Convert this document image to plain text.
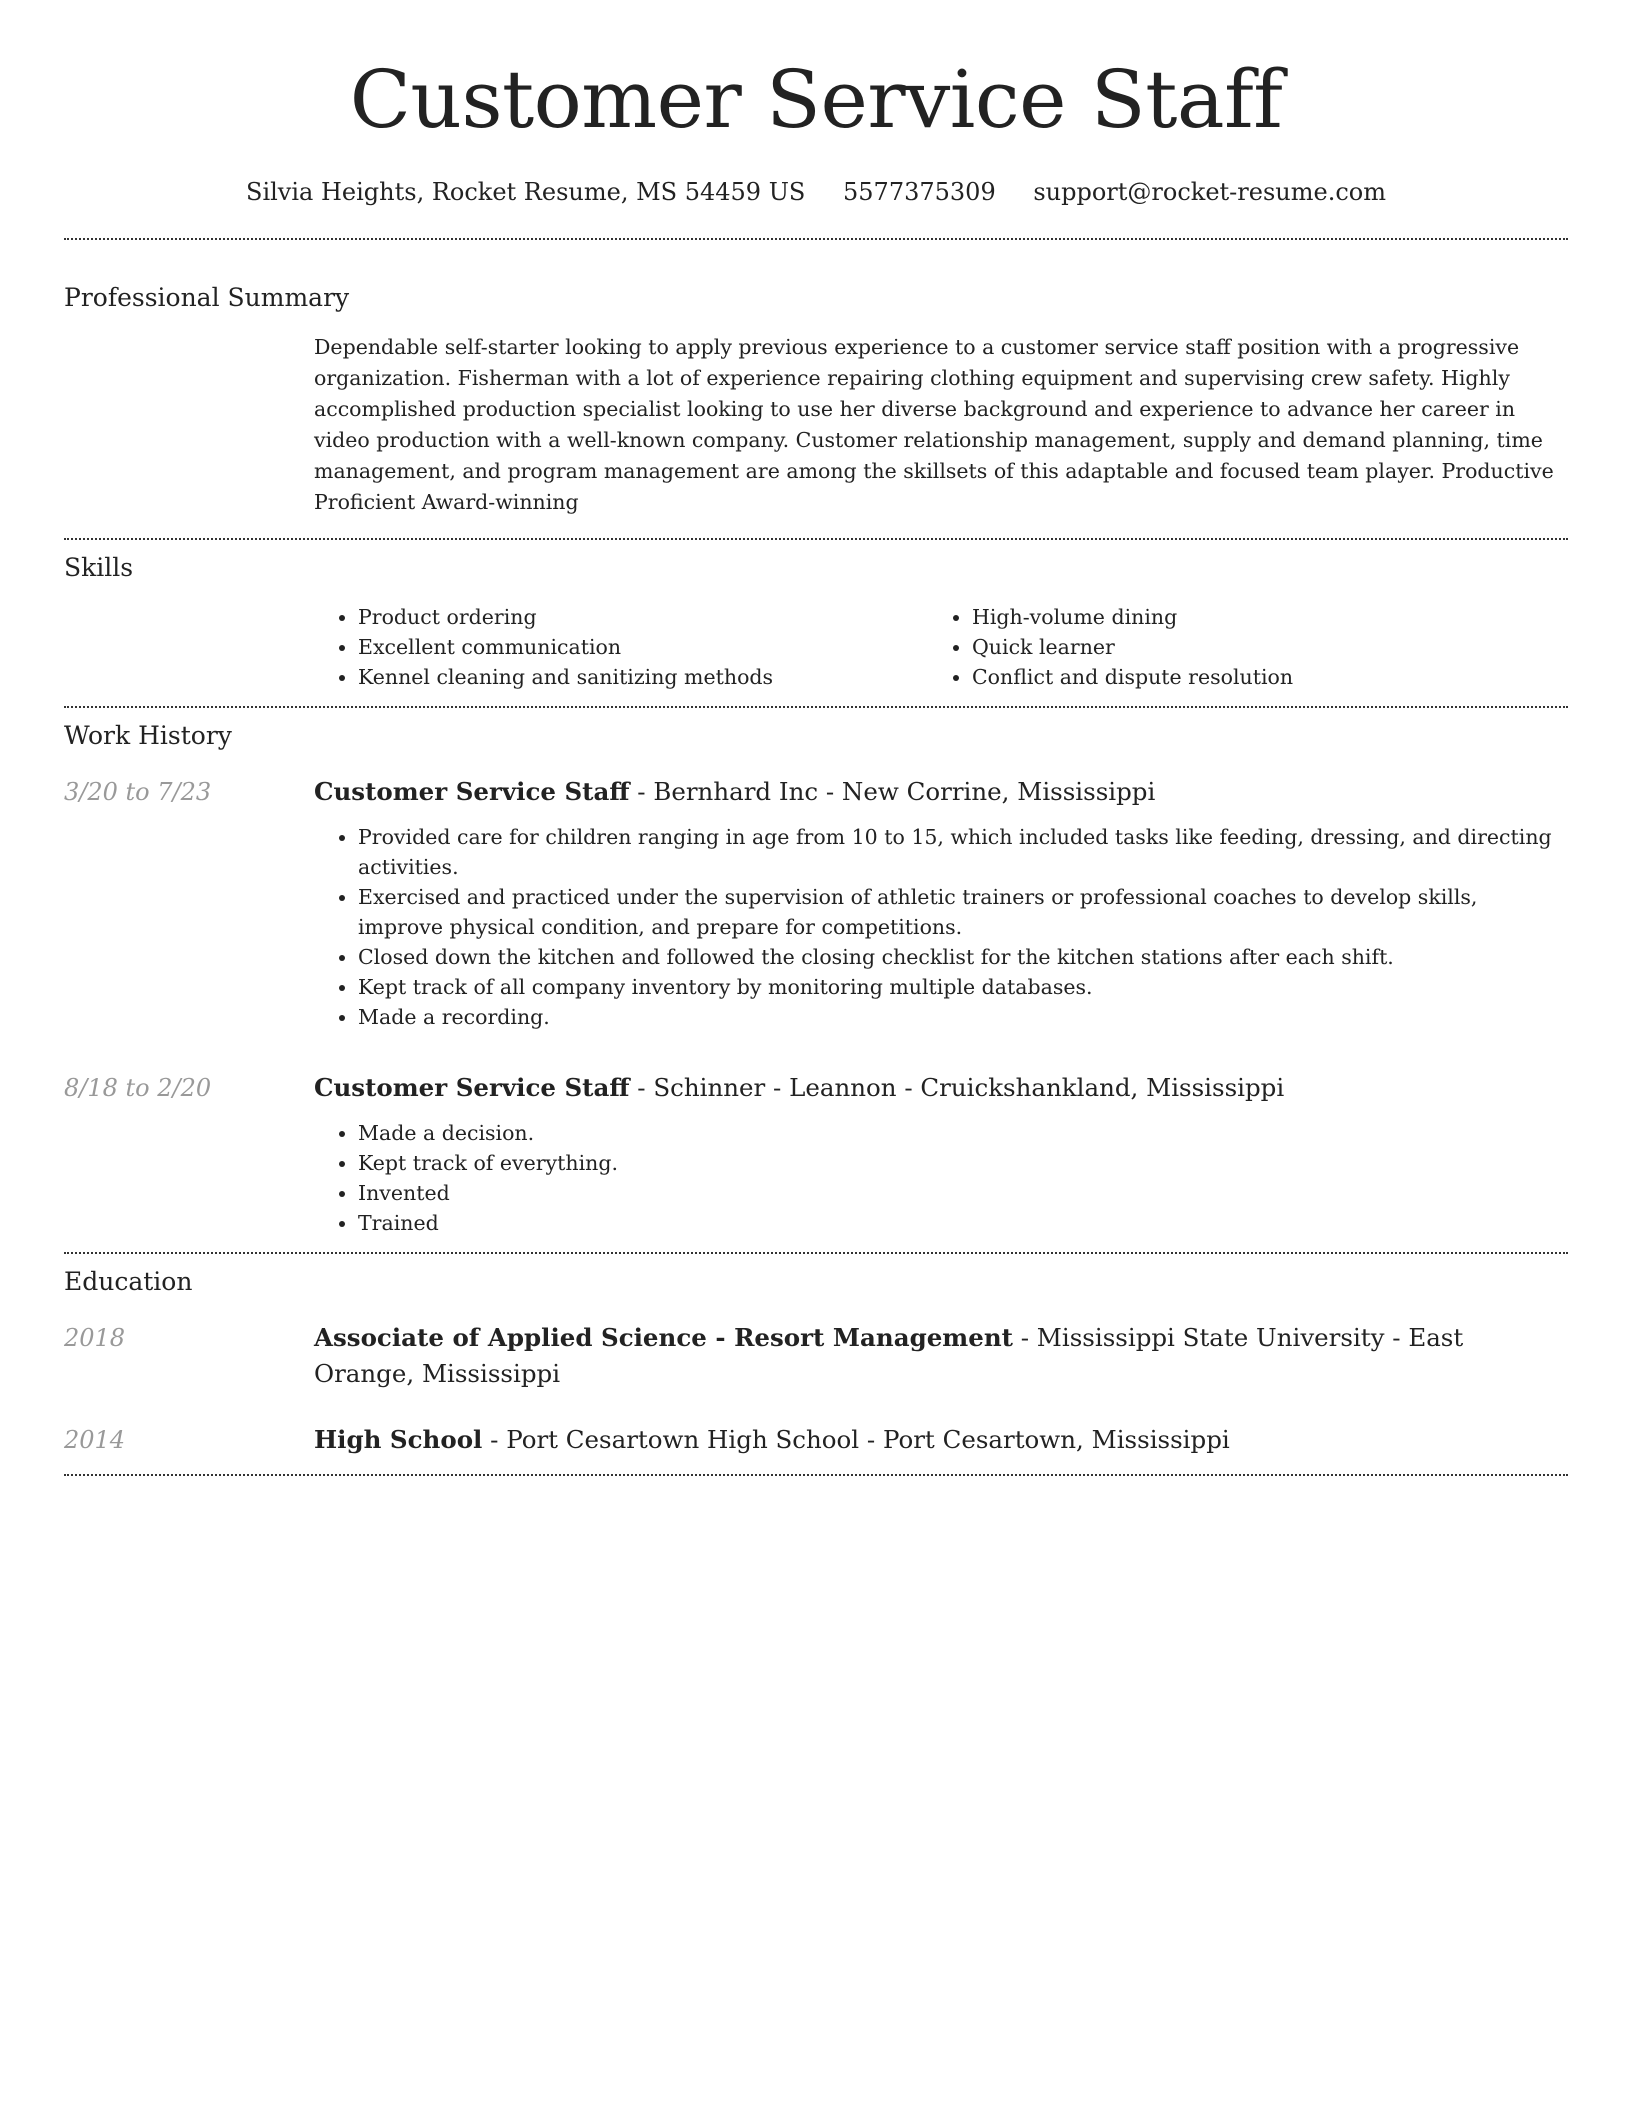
Customer Service Staff
Silvia Heights, Rocket Resume, MS 54459 US 5577375309 support@rocket-resume.com
Professional Summary
Dependable self-starter looking to apply previous experience to a customer service staff position with a progressive organization. Fisherman with a lot of experience repairing clothing equipment and supervising crew safety. Highly accomplished production specialist looking to use her diverse background and experience to advance her career in video production with a well-known company. Customer relationship management, supply and demand planning, time management, and program management are among the skillsets of this adaptable and focused team player. Productive Proficient Award-winning
Skills
• Product ordering
• Excellent communication
• Kennel cleaning and sanitizing methods
• High-volume dining
• Quick learner
• Conflict and dispute resolution
Work History
3/20 to 7/23	Customer Service Staff - Bernhard Inc - New Corrine, Mississippi
• Provided care for children ranging in age from 10 to 15, which included tasks like feeding, dressing, and directing activities.
• Exercised and practiced under the supervision of athletic trainers or professional coaches to develop skills, improve physical condition, and prepare for competitions.
• Closed down the kitchen and followed the closing checklist for the kitchen stations after each shift.
• Kept track of all company inventory by monitoring multiple databases.
• Made a recording.
8/18 to 2/20	Customer Service Staff - Schinner - Leannon - Cruickshankland, Mississippi
• Made a decision.
• Kept track of everything.
• Invented
• Trained
Education
2018	Associate of Applied Science - Resort Management - Mississippi State University - East Orange, Mississippi
2014	High School - Port Cesartown High School - Port Cesartown, Mississippi
